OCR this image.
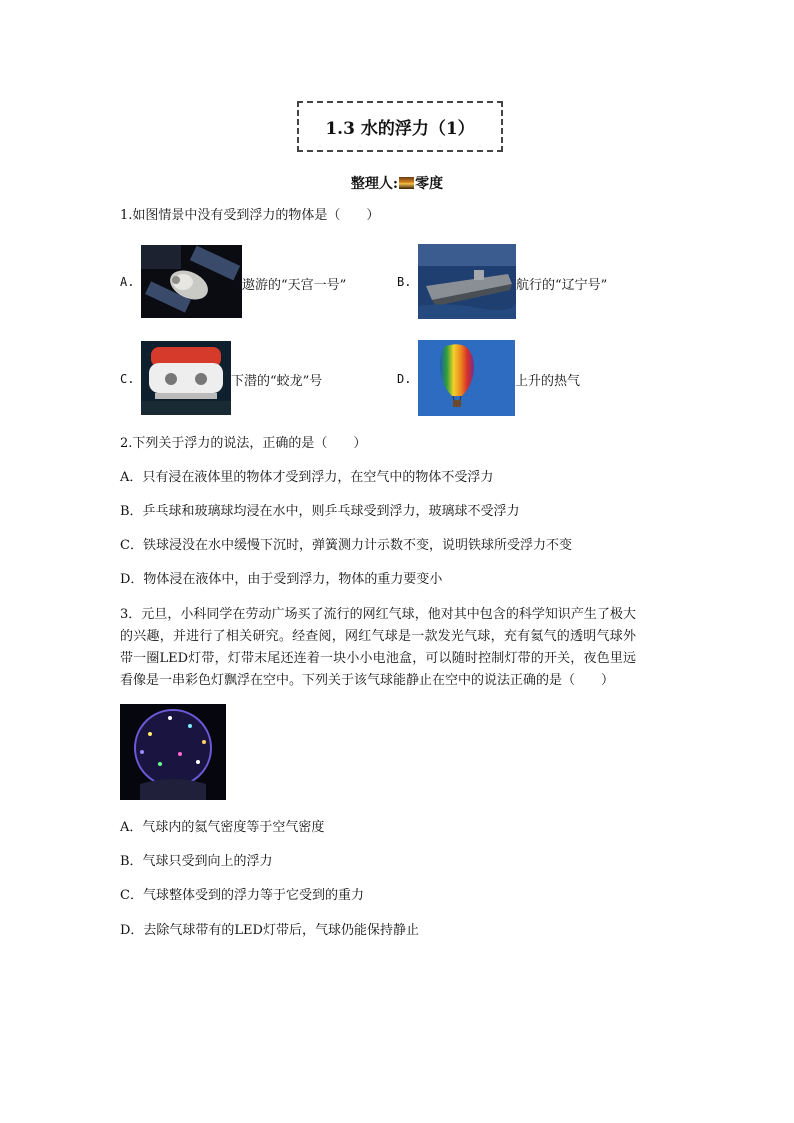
1.3 水的浮力（1）
整理人: 零度
1.如图情景中没有受到浮力的物体是（　　）
A.	遨游的“天宫一号”	B.	航行的“辽宁号”
C.	下潜的“蛟龙”号	D.	上升的热气
2.下列关于浮力的说法，正确的是（　　）
A．只有浸在液体里的物体才受到浮力，在空气中的物体不受浮力
B．乒乓球和玻璃球均浸在水中，则乒乓球受到浮力，玻璃球不受浮力
C．铁球浸没在水中缓慢下沉时，弹簧测力计示数不变，说明铁球所受浮力不变
D．物体浸在液体中，由于受到浮力，物体的重力要变小
3．元旦，小科同学在劳动广场买了流行的网红气球，他对其中包含的科学知识产生了极大的兴趣，并进行了相关研究。经查阅，网红气球是一款发光气球，充有氦气的透明气球外带一圈LED灯带，灯带末尾还连着一块小小电池盒，可以随时控制灯带的开关，夜色里远看像是一串彩色灯飘浮在空中。下列关于该气球能静止在空中的说法正确的是（　　）
A．气球内的氦气密度等于空气密度
B．气球只受到向上的浮力
C．气球整体受到的浮力等于它受到的重力
D．去除气球带有的LED灯带后，气球仍能保持静止
